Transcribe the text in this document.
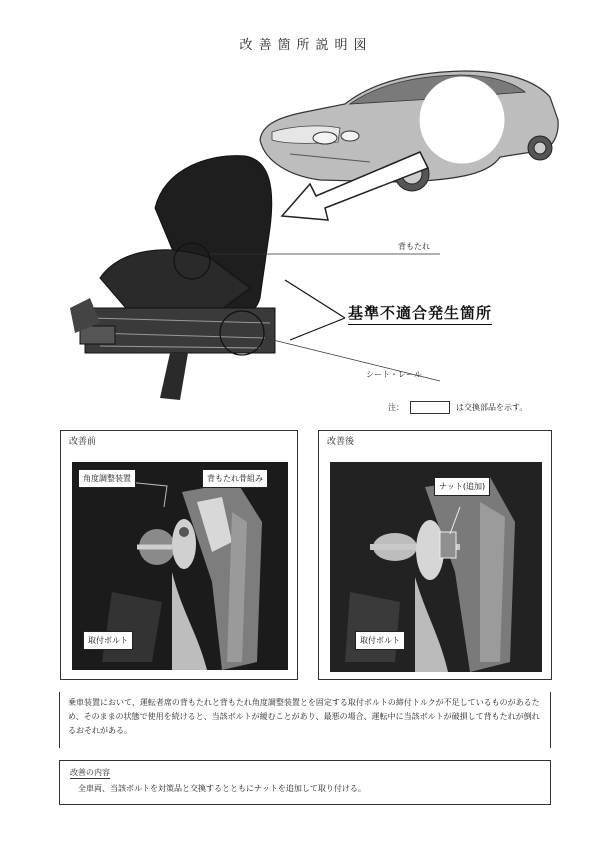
改善箇所説明図
背もたれ
基準不適合発生箇所
シート・レール
注：	は交換部品を示す。
改善前
角度調整装置	背もたれ骨組み
取付ボルト
改善後
ナット(追加)
取付ボルト

乗車装置において、運転者席の背もたれと背もたれ角度調整装置とを固定する取付ボルトの締付トルクが不足しているものがあるため、そのままの状態で使用を続けると、当該ボルトが緩むことがあり、最悪の場合、運転中に当該ボルトが破損して背もたれが倒れるおそれがある。

改善の内容
全車両、当該ボルトを対策品と交換するとともにナットを追加して取り付ける。
